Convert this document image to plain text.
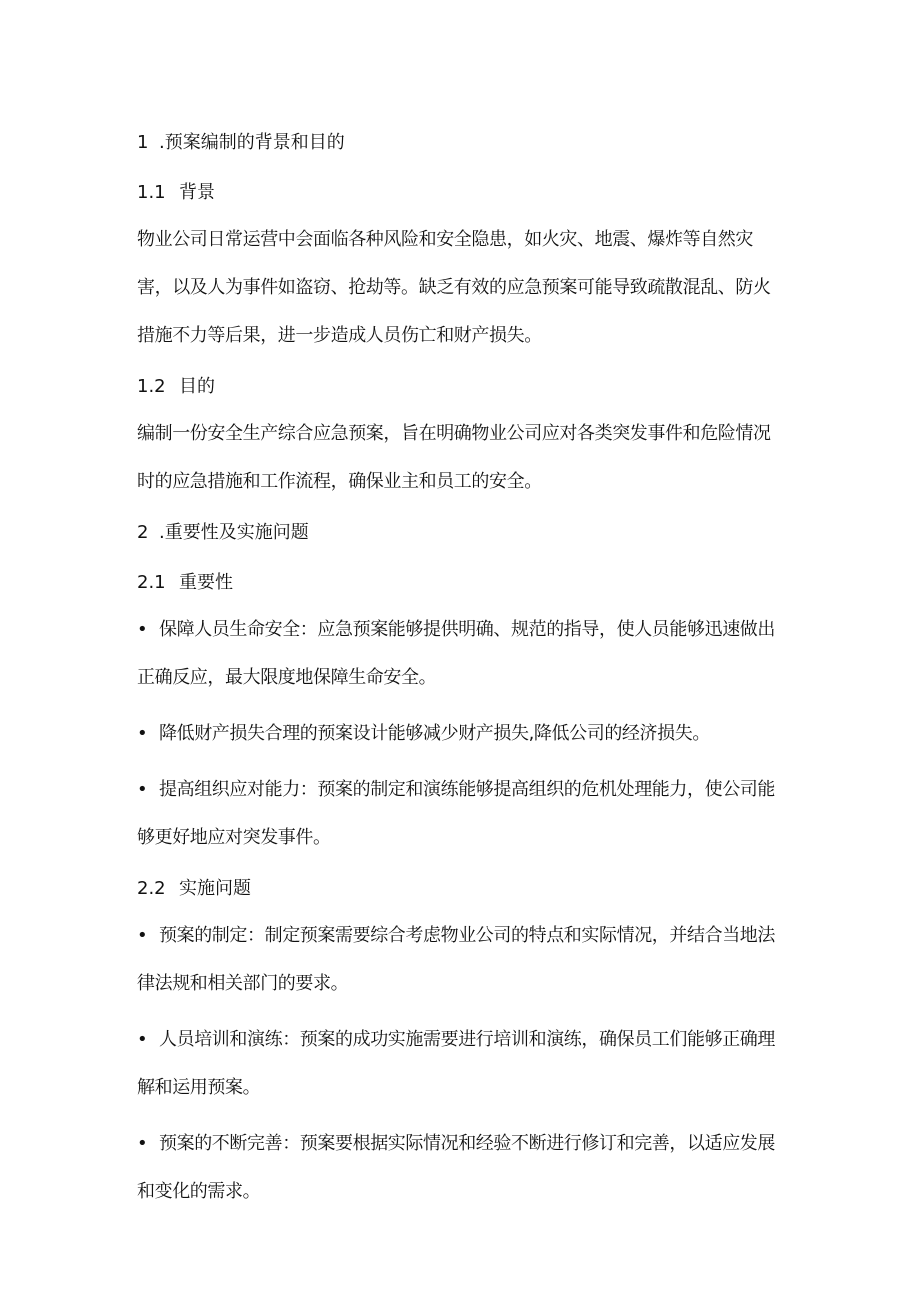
1 .预案编制的背景和目的
1.1 背景
物业公司日常运营中会面临各种风险和安全隐患，如火灾、地震、爆炸等自然灾害，以及人为事件如盗窃、抢劫等。缺乏有效的应急预案可能导致疏散混乱、防火措施不力等后果，进一步造成人员伤亡和财产损失。
1.2 目的
编制一份安全生产综合应急预案，旨在明确物业公司应对各类突发事件和危险情况时的应急措施和工作流程，确保业主和员工的安全。
2 .重要性及实施问题
2.1 重要性
• 保障人员生命安全：应急预案能够提供明确、规范的指导，使人员能够迅速做出正确反应，最大限度地保障生命安全。
• 降低财产损失合理的预案设计能够减少财产损失,降低公司的经济损失。
• 提高组织应对能力：预案的制定和演练能够提高组织的危机处理能力，使公司能够更好地应对突发事件。
2.2 实施问题
• 预案的制定：制定预案需要综合考虑物业公司的特点和实际情况，并结合当地法律法规和相关部门的要求。
• 人员培训和演练：预案的成功实施需要进行培训和演练，确保员工们能够正确理解和运用预案。
• 预案的不断完善：预案要根据实际情况和经验不断进行修订和完善，以适应发展和变化的需求。
